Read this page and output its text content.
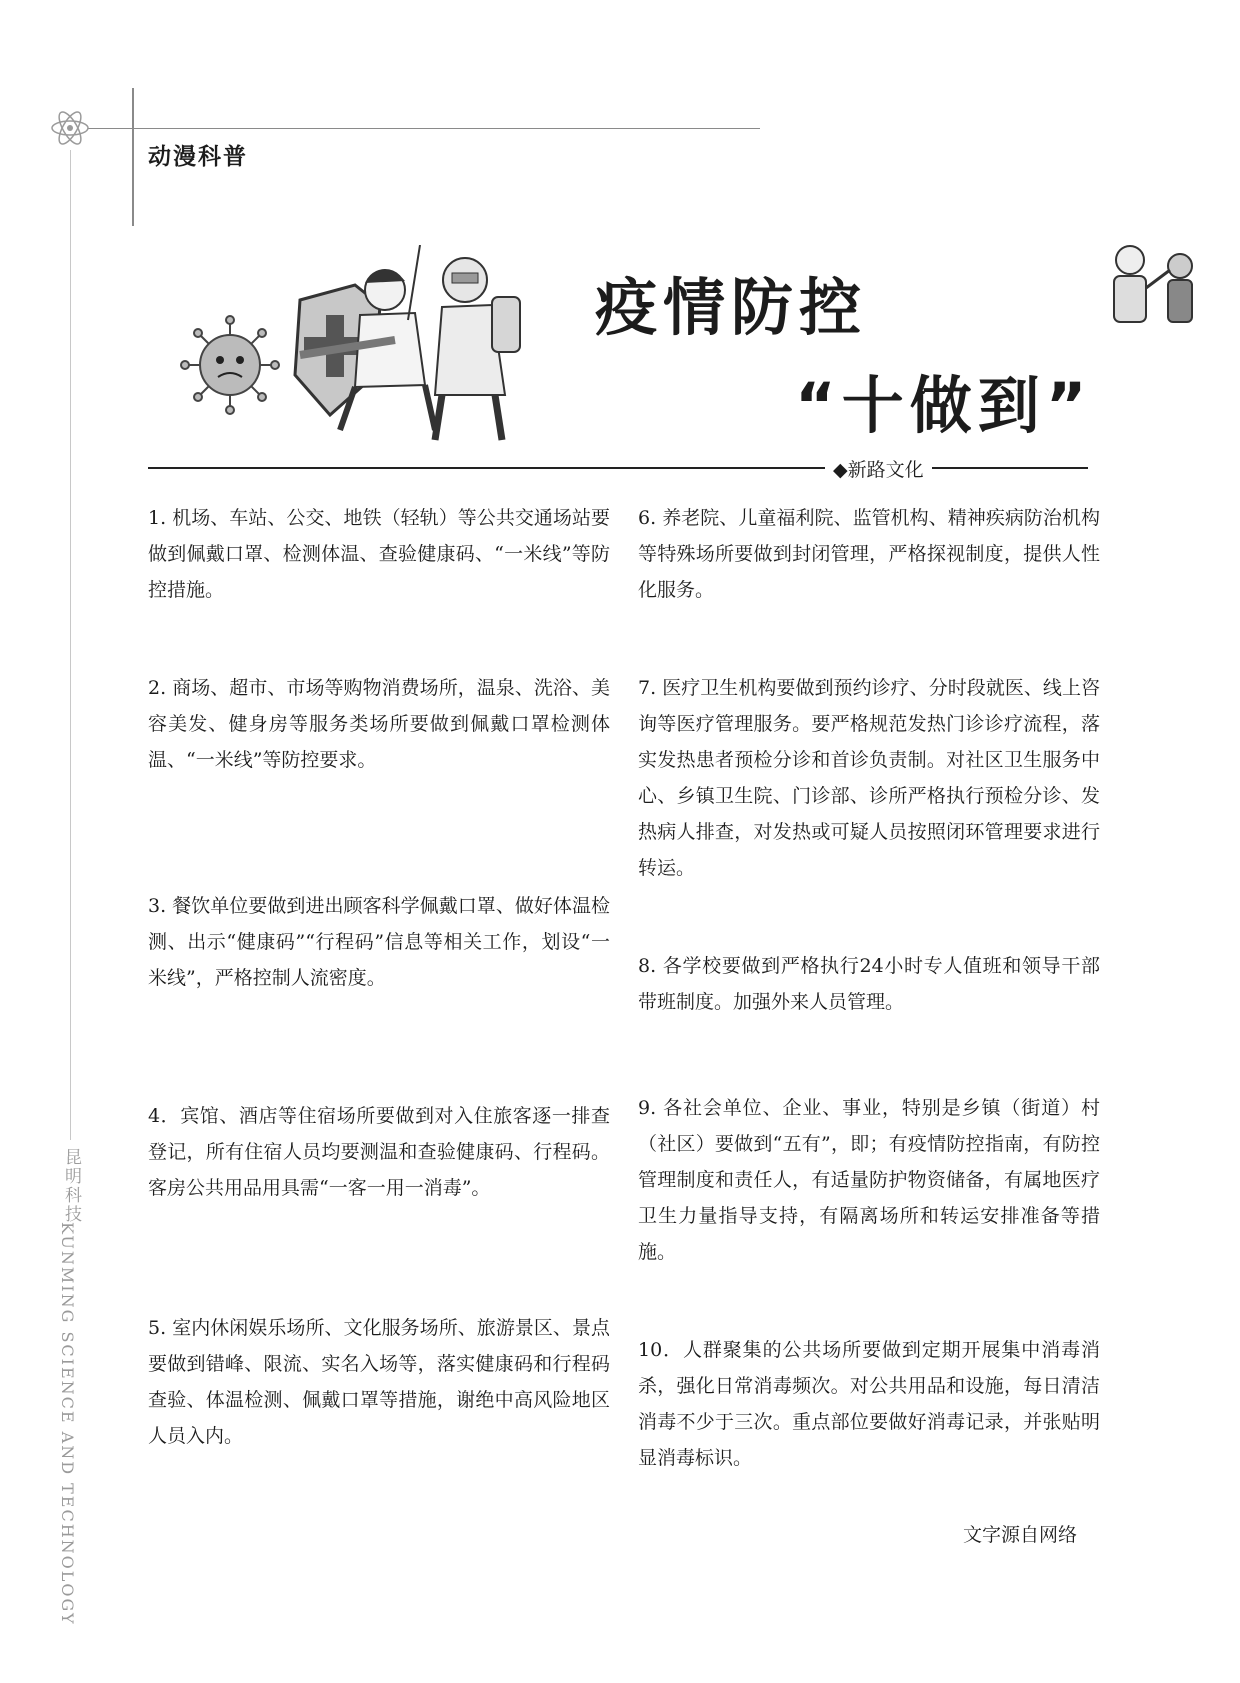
动漫科普
昆明科技
KUNMING SCIENCE AND TECHNOLOGY
疫情防控
“十做到”
◆新路文化

1. 机场、车站、公交、地铁（轻轨）等公共交通场站要做到佩戴口罩、检测体温、查验健康码、“一米线”等防控措施。

2. 商场、超市、市场等购物消费场所，温泉、洗浴、美容美发、健身房等服务类场所要做到佩戴口罩检测体温、“一米线”等防控要求。

3. 餐饮单位要做到进出顾客科学佩戴口罩、做好体温检测、出示“健康码”“行程码”信息等相关工作，划设“一米线”，严格控制人流密度。

4．宾馆、酒店等住宿场所要做到对入住旅客逐一排查登记，所有住宿人员均要测温和查验健康码、行程码。客房公共用品用具需“一客一用一消毒”。

5. 室内休闲娱乐场所、文化服务场所、旅游景区、景点要做到错峰、限流、实名入场等，落实健康码和行程码查验、体温检测、佩戴口罩等措施，谢绝中高风险地区人员入内。

6. 养老院、儿童福利院、监管机构、精神疾病防治机构等特殊场所要做到封闭管理，严格探视制度，提供人性化服务。

7. 医疗卫生机构要做到预约诊疗、分时段就医、线上咨询等医疗管理服务。要严格规范发热门诊诊疗流程，落实发热患者预检分诊和首诊负责制。对社区卫生服务中心、乡镇卫生院、门诊部、诊所严格执行预检分诊、发热病人排查，对发热或可疑人员按照闭环管理要求进行转运。

8. 各学校要做到严格执行24小时专人值班和领导干部带班制度。加强外来人员管理。

9. 各社会单位、企业、事业，特别是乡镇（街道）村（社区）要做到“五有”，即；有疫情防控指南，有防控管理制度和责任人，有适量防护物资储备，有属地医疗卫生力量指导支持，有隔离场所和转运安排准备等措施。

10．人群聚集的公共场所要做到定期开展集中消毒消杀，强化日常消毒频次。对公共用品和设施，每日清洁消毒不少于三次。重点部位要做好消毒记录，并张贴明显消毒标识。

文字源自网络
